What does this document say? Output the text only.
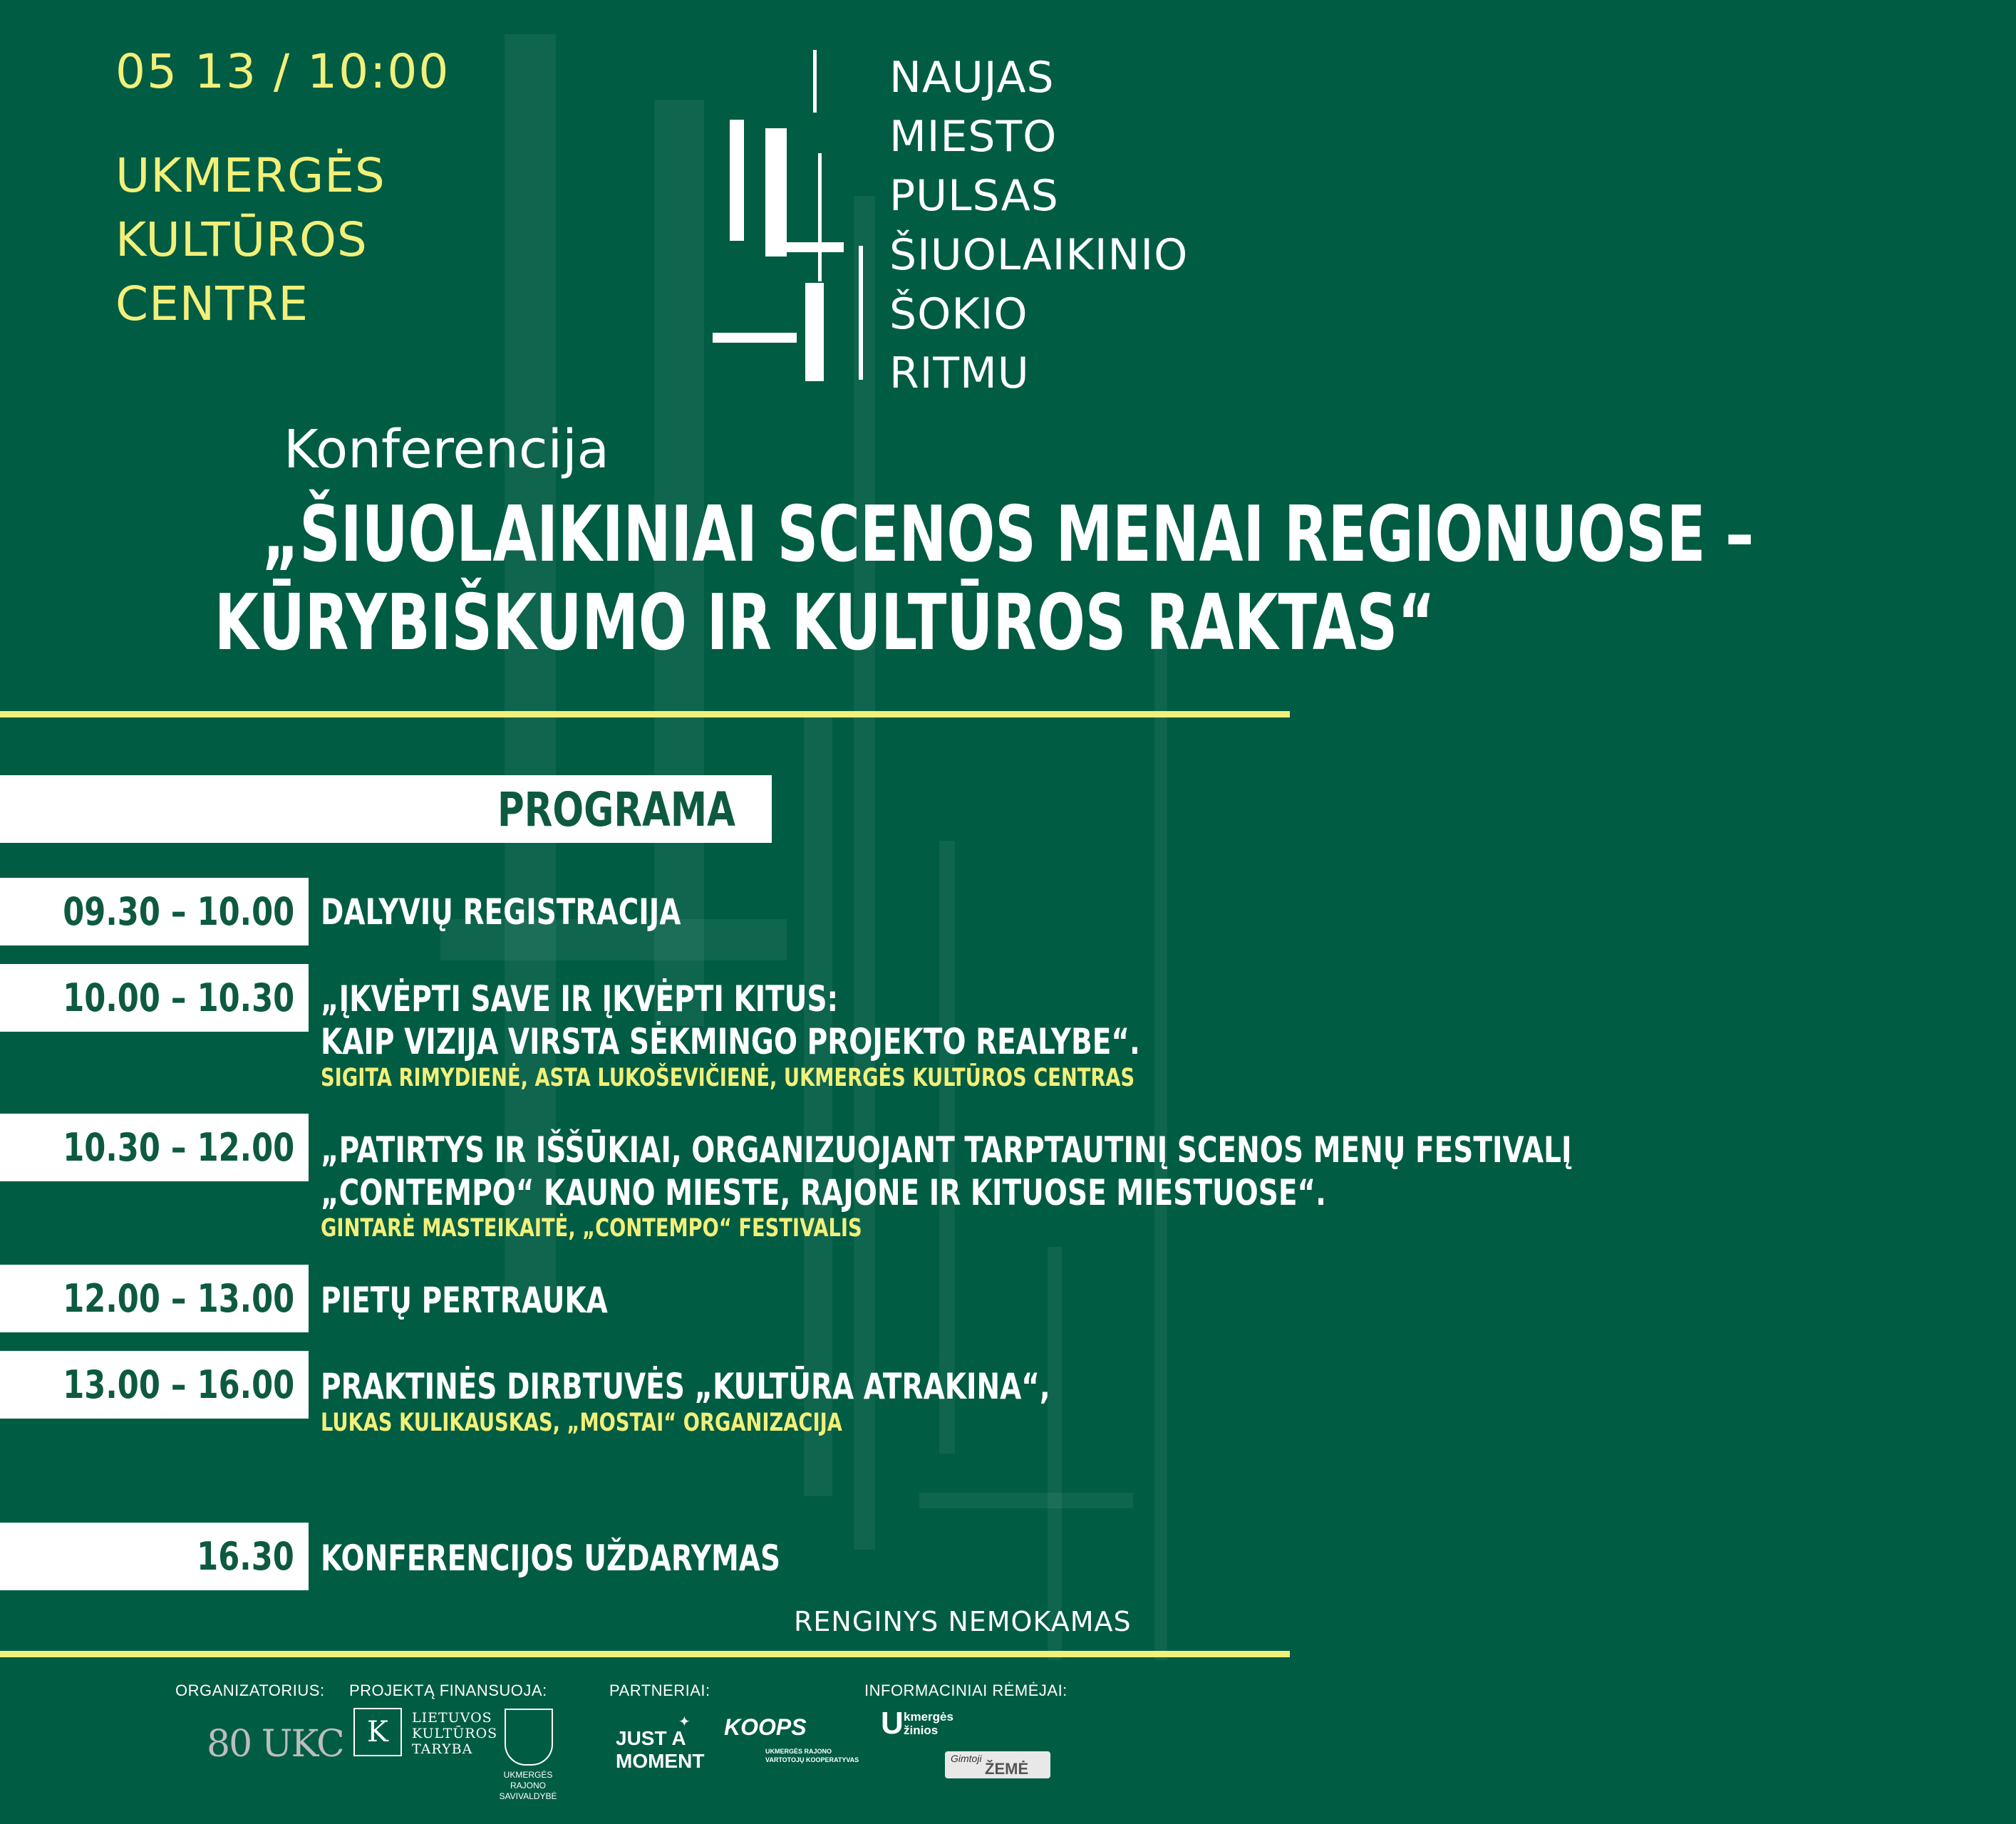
05 13 / 10:00
UKMERGĖS
KULTŪROS
CENTRE
NAUJAS
MIESTO
PULSAS
ŠIUOLAIKINIO
ŠOKIO
RITMU
Konferencija
„ŠIUOLAIKINIAI SCENOS MENAI REGIONUOSE –
KŪRYBIŠKUMO IR KULTŪROS RAKTAS“
PROGRAMA
09.30 – 10.00 DALYVIŲ REGISTRACIJA
10.00 – 10.30 „ĮKVĖPTI SAVE IR ĮKVĖPTI KITUS:
KAIP VIZIJA VIRSTA SĖKMINGO PROJEKTO REALYBE“.
SIGITA RIMYDIENĖ, ASTA LUKOŠEVIČIENĖ, UKMERGĖS KULTŪROS CENTRAS
10.30 – 12.00 „PATIRTYS IR IŠŠŪKIAI, ORGANIZUOJANT TARPTAUTINĮ SCENOS MENŲ FESTIVALĮ
„CONTEMPO“ KAUNO MIESTE, RAJONE IR KITUOSE MIESTUOSE“.
GINTARĖ MASTEIKAITĖ, „CONTEMPO“ FESTIVALIS
12.00 – 13.00 PIETŲ PERTRAUKA
13.00 – 16.00 PRAKTINĖS DIRBTUVĖS „KULTŪRA ATRAKINA“,
LUKAS KULIKAUSKAS, „MOSTAI“ ORGANIZACIJA
16.30 KONFERENCIJOS UŽDARYMAS
RENGINYS NEMOKAMAS
ORGANIZATORIUS: PROJEKTĄ FINANSUOJA:	PARTNERIAI:	INFORMACINIAI RĖMĖJAI:
80 UKC K	LIETUVOS
KULTŪROS
TARYBA
UKMERGĖS
RAJONO
SAVIVALDYBĖ
JUST A
MOMENT
✦ KOOPS
UKMERGĖS RAJONO
VARTOTOJŲ KOOPERATYVAS
U kmergės
žinios
Gimtoji
ŽEMĖ
